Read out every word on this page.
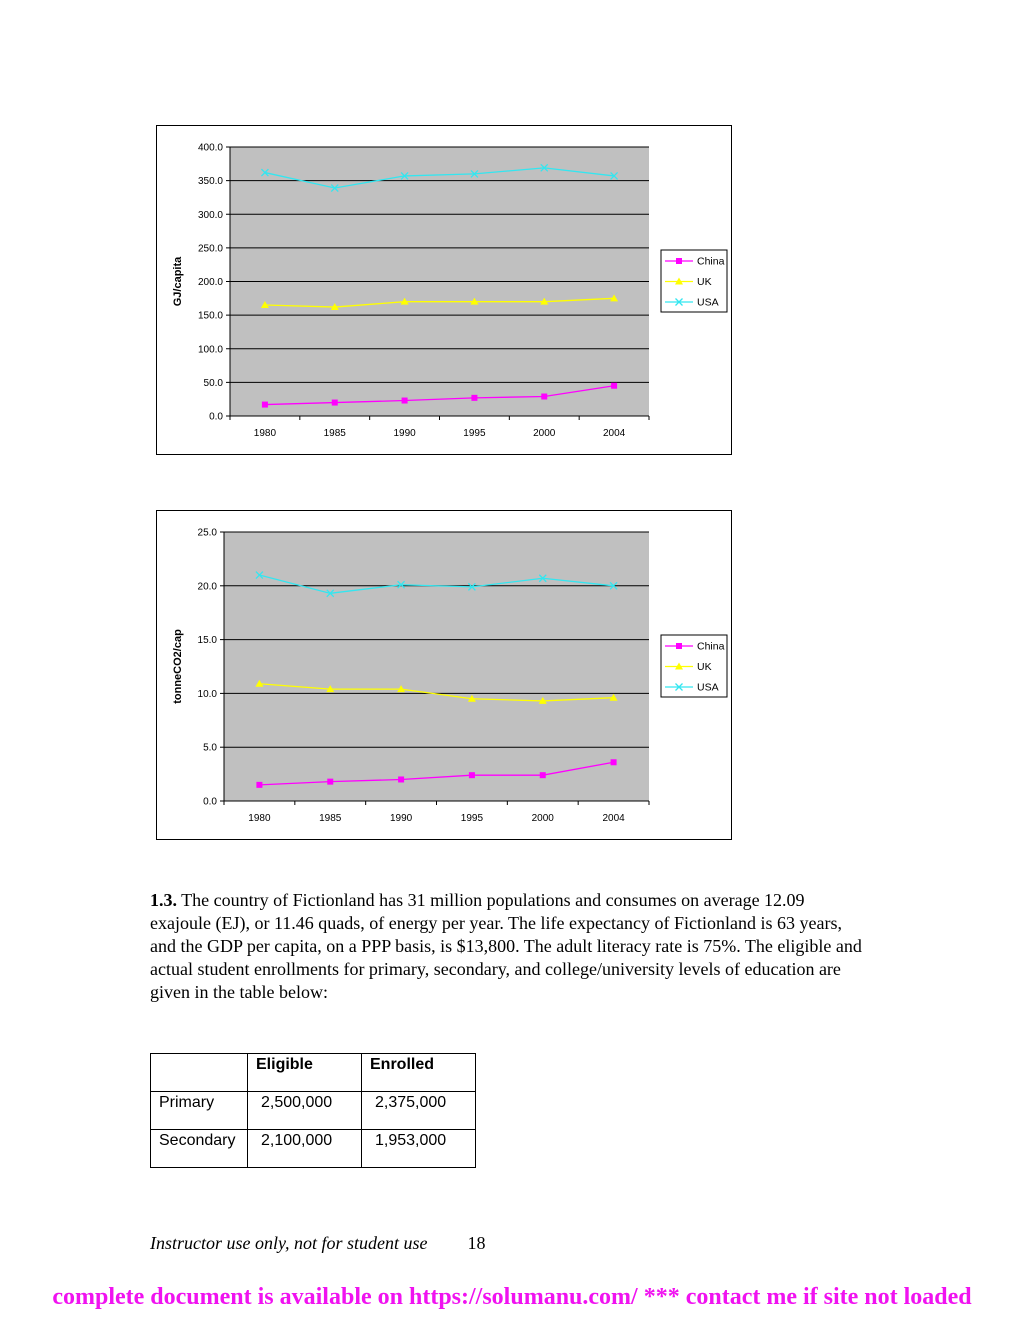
0.0
50.0
100.0
150.0
200.0
250.0
300.0
350.0
400.0
1980	1985	1990	1995	2000	2004
GJ/capita	China
UK
USA
0.0
5.0
10.0
15.0
20.0
25.0
1980	1985	1990	1995	2000	2004
tonneCO2/cap	China
UK
USA

1.3. The country of Fictionland has 31 million populations and consumes on average 12.09 exajoule (EJ), or 11.46 quads, of energy per year. The life expectancy of Fictionland is 63 years, and the GDP per capita, on a PPP basis, is $13,800. The adult literacy rate is 75%. The eligible and actual student enrollments for primary, secondary, and college/university levels of education are given in the table below:

	Eligible	Enrolled
Primary	2,500,000	2,375,000
Secondary	2,100,000	1,953,000
Instructor use only, not for student use 18
complete document is available on https://solumanu.com/ *** contact me if site not loaded
